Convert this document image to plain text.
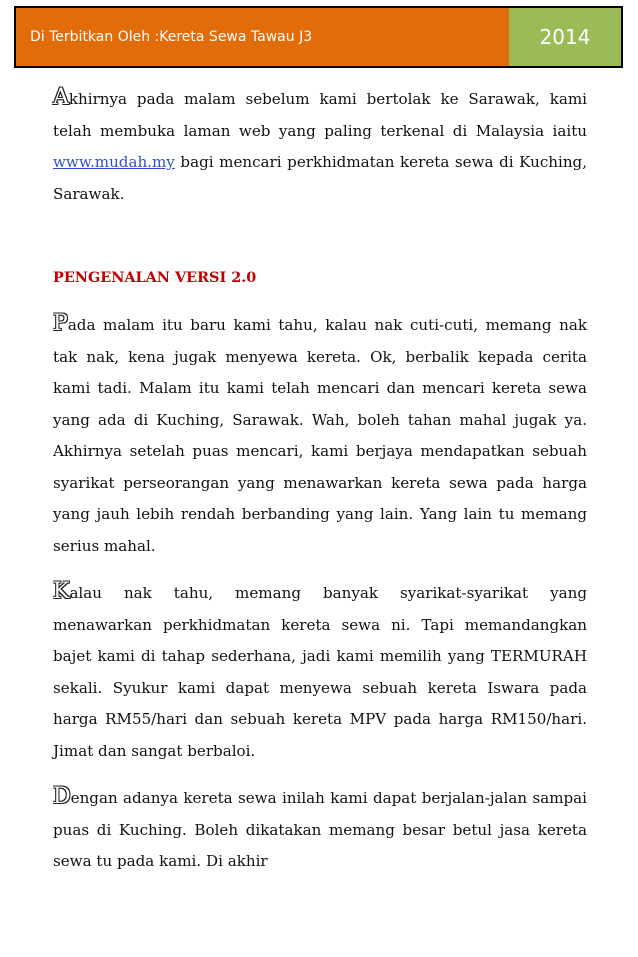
Di Terbitkan Oleh :Kereta Sewa Tawau J3	2014

Akhirnya pada malam sebelum kami bertolak ke Sarawak, kami telah membuka laman web yang paling terkenal di Malaysia iaitu www.mudah.my bagi mencari perkhidmatan kereta sewa di Kuching, Sarawak.

PENGENALAN VERSI 2.0

Pada malam itu baru kami tahu, kalau nak cuti-cuti, memang nak tak nak, kena jugak menyewa kereta. Ok, berbalik kepada cerita kami tadi. Malam itu kami telah mencari dan mencari kereta sewa yang ada di Kuching, Sarawak. Wah, boleh tahan mahal jugak ya. Akhirnya setelah puas mencari, kami berjaya mendapatkan sebuah syarikat perseorangan yang menawarkan kereta sewa pada harga yang jauh lebih rendah berbanding yang lain. Yang lain tu memang serius mahal.

Kalau nak tahu, memang banyak syarikat-syarikat yang menawarkan perkhidmatan kereta sewa ni. Tapi memandangkan bajet kami di tahap sederhana, jadi kami memilih yang TERMURAH sekali. Syukur kami dapat menyewa sebuah kereta Iswara pada harga RM55/hari dan sebuah kereta MPV pada harga RM150/hari. Jimat dan sangat berbaloi.

Dengan adanya kereta sewa inilah kami dapat berjalan-jalan sampai puas di Kuching. Boleh dikatakan memang besar betul jasa kereta sewa tu pada kami. Di akhir
